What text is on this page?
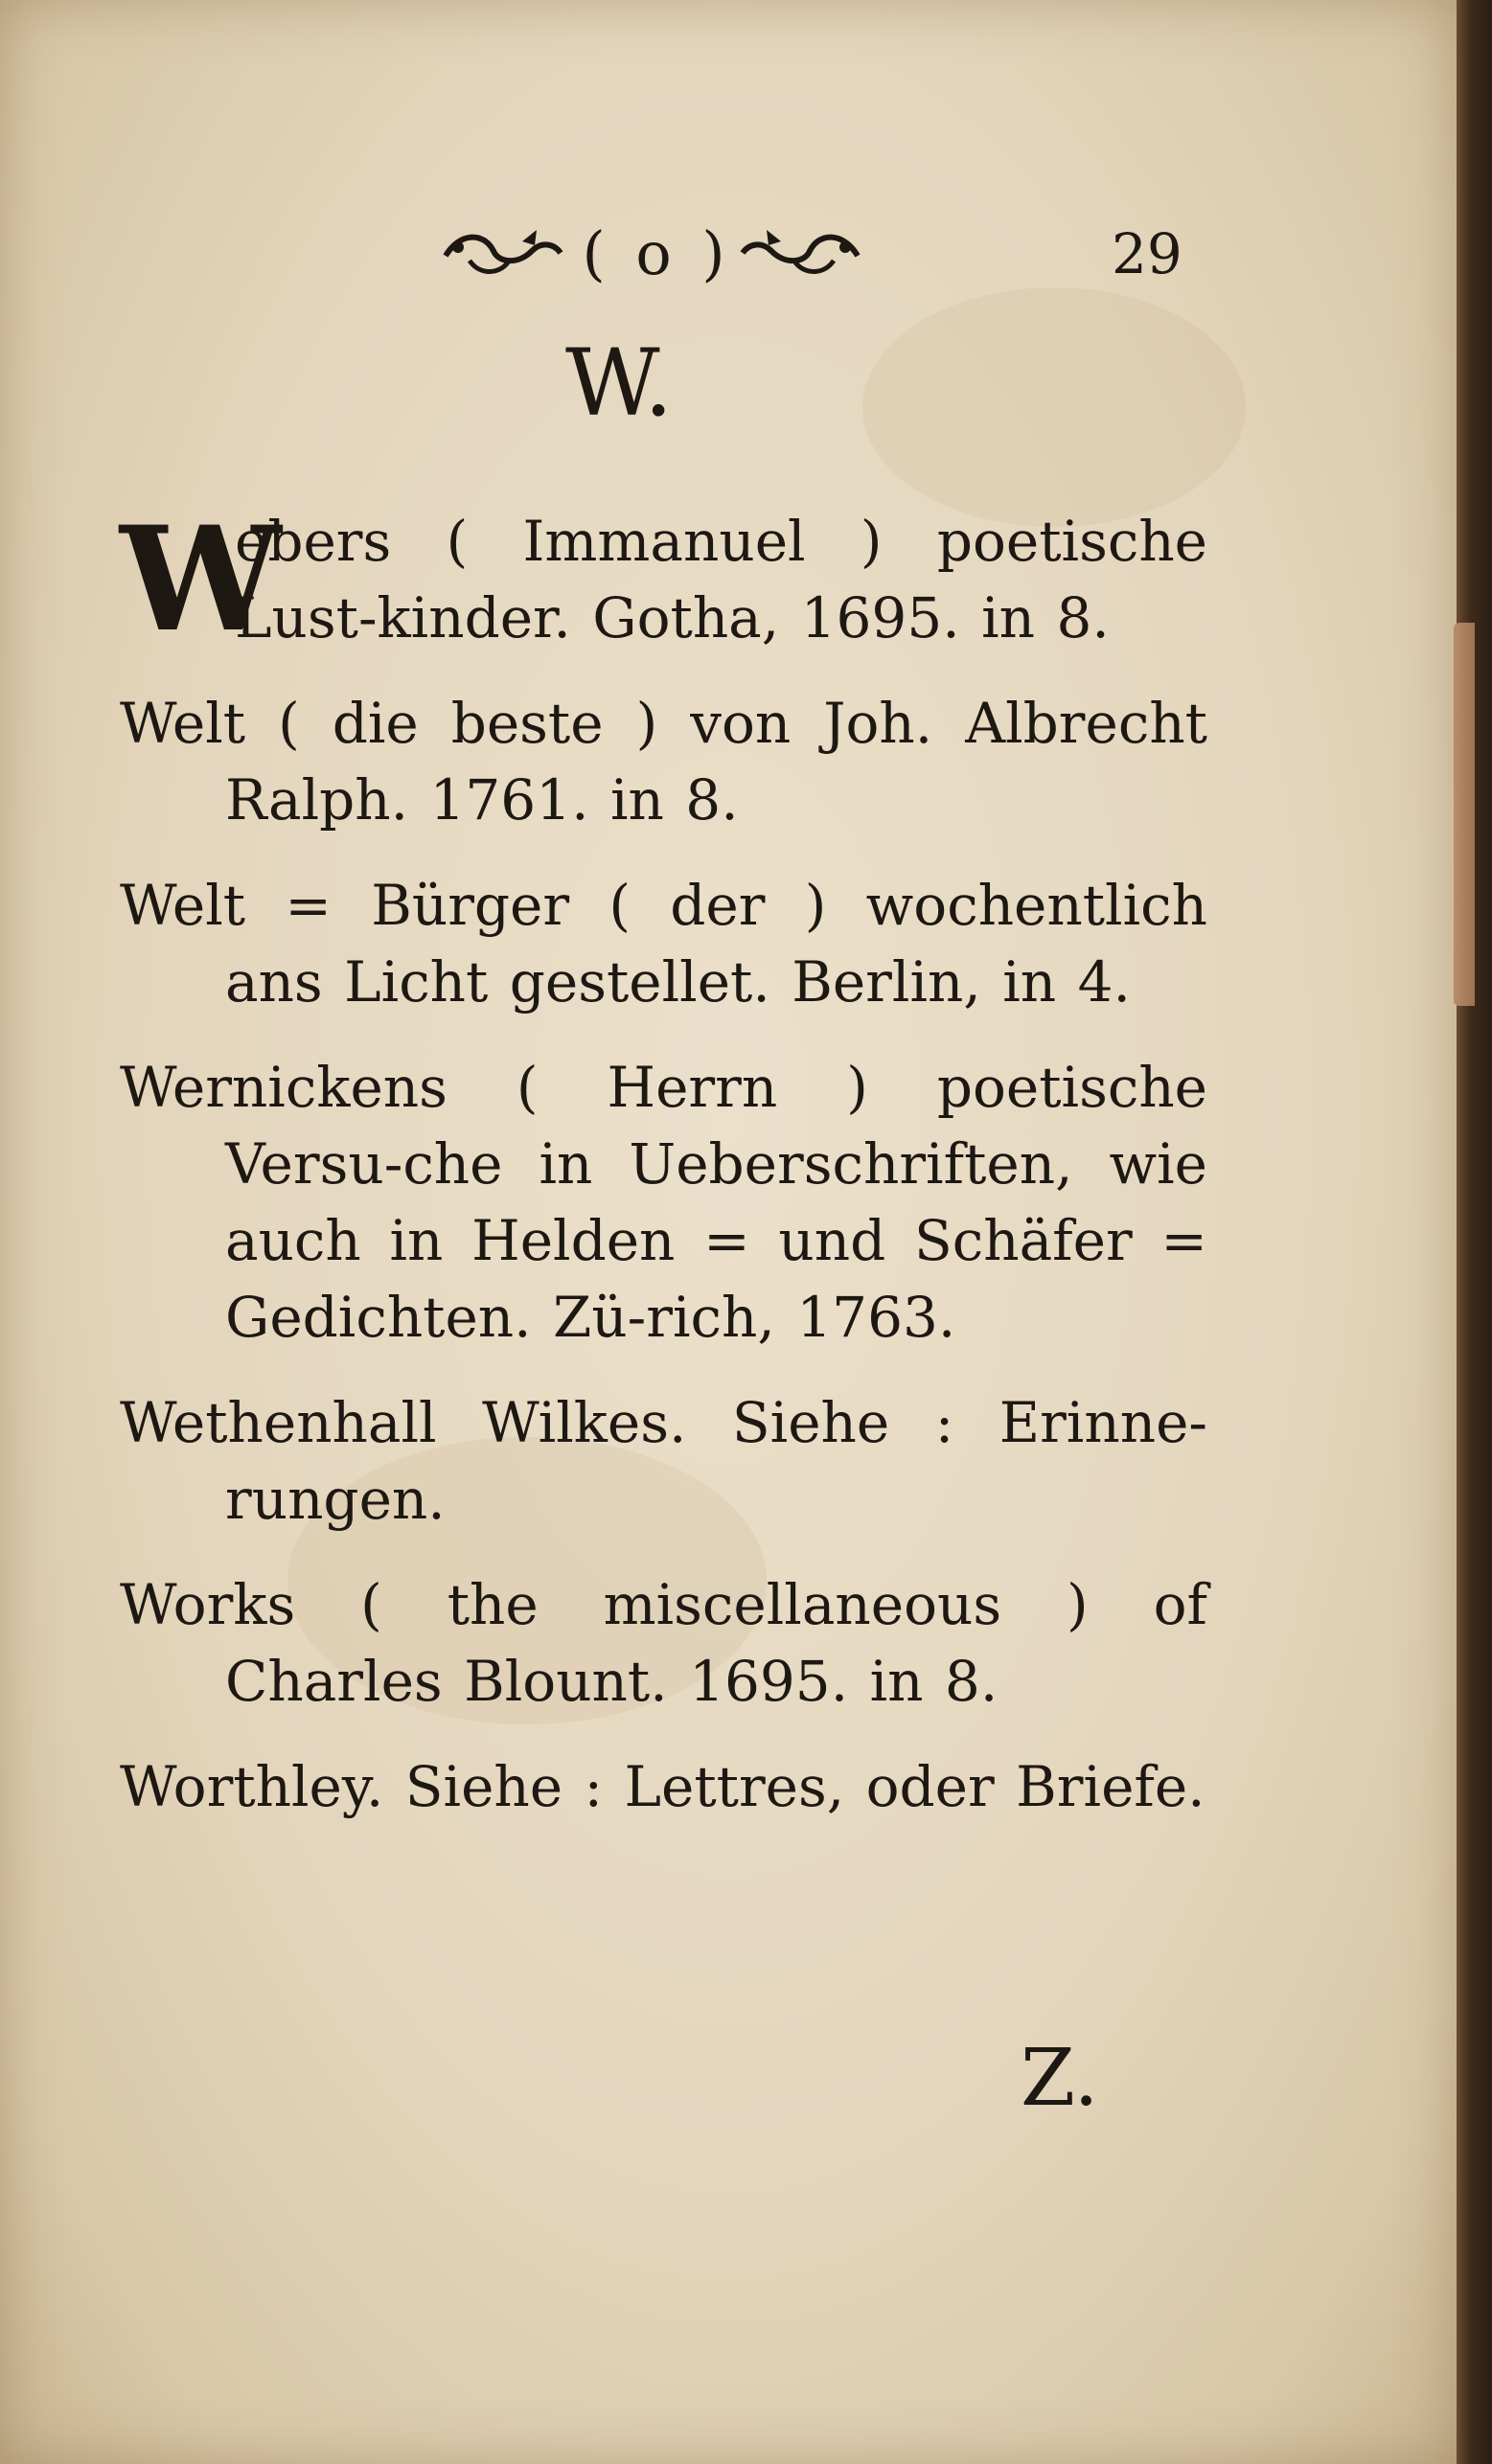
( o )	29
W.
W
ebers ( Immanuel ) poetische Lust-kinder. Gotha, 1695. in 8.
Welt ( die beste ) von Joh. Albrecht Ralph. 1761. in 8.
Welt = Bürger ( der ) wochentlich ans Licht gestellet. Berlin, in 4.
Wernickens ( Herrn ) poetische Versu-che in Ueberschriften, wie auch in Helden = und Schäfer = Gedichten. Zü-rich, 1763.
Wethenhall Wilkes. Siehe : Erinne-rungen.
Works ( the miscellaneous ) of Charles Blount. 1695. in 8.
Worthley. Siehe : Lettres, oder Briefe.
Z.
